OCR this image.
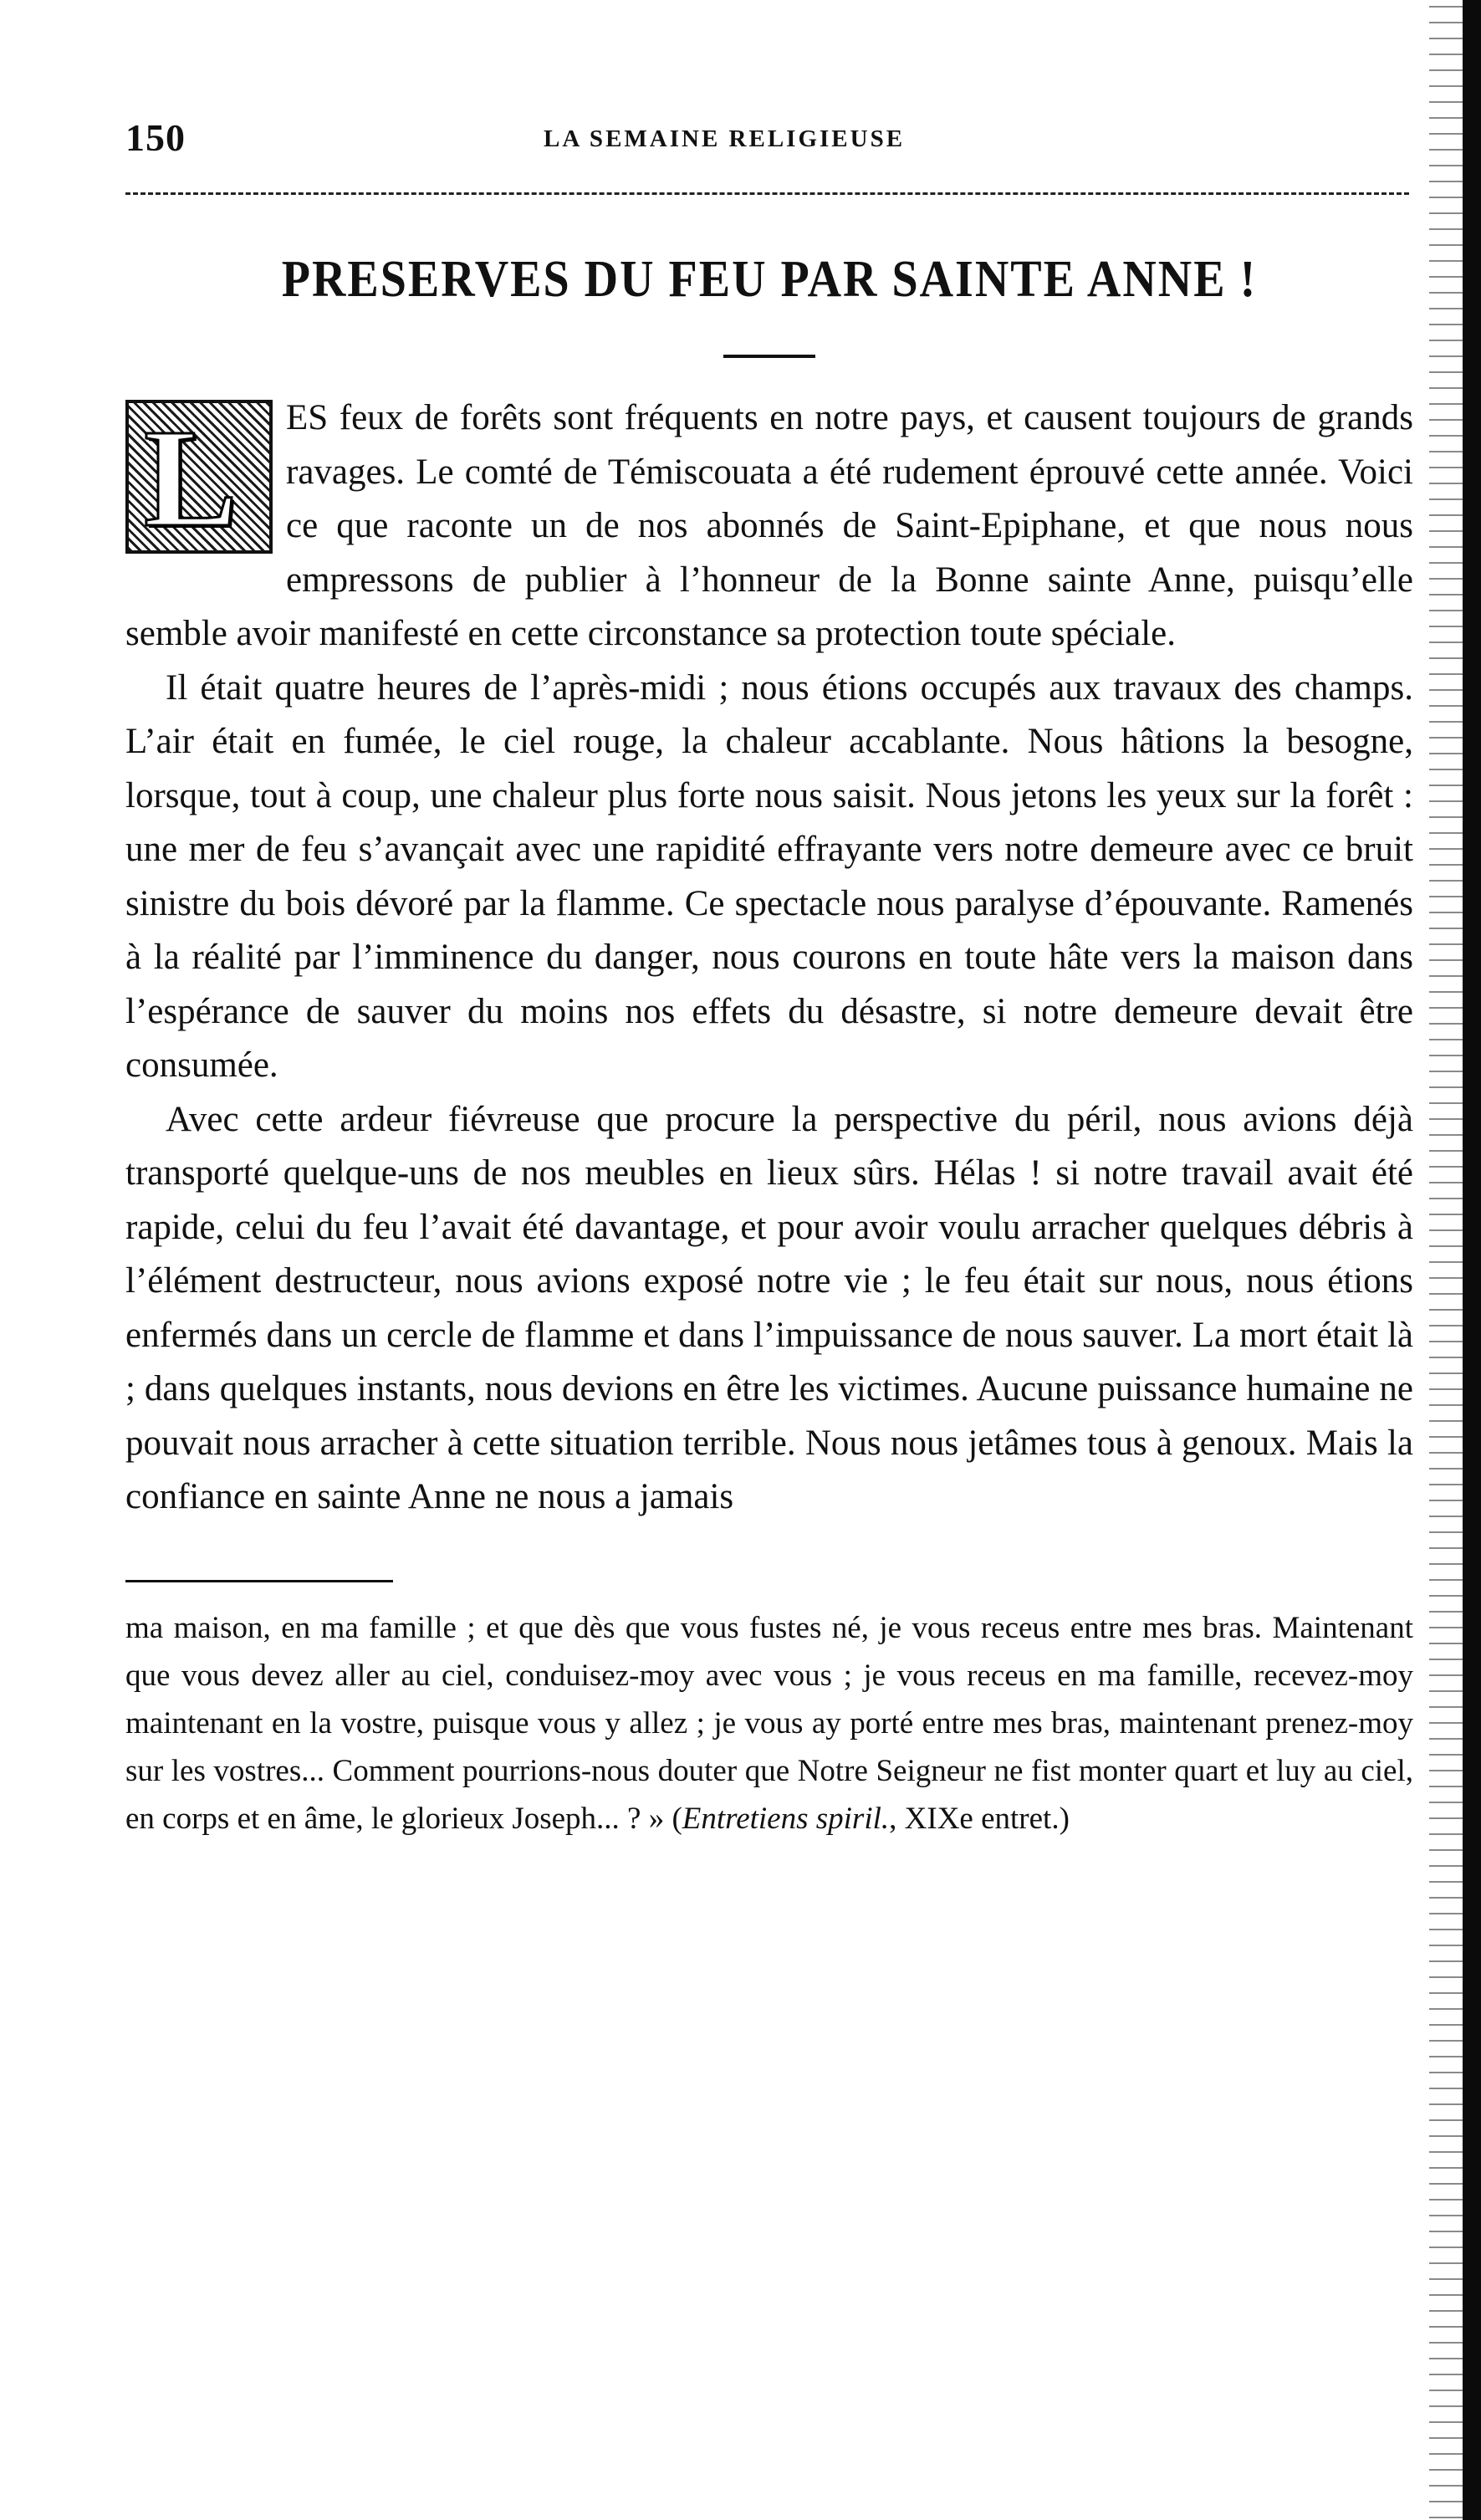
150	LA SEMAINE RELIGIEUSE
PRESERVES DU FEU PAR SAINTE ANNE !
L	ES feux de forêts sont fréquents en notre pays, et causent toujours de grands ravages. Le comté de Témiscouata a été rudement éprouvé cette année. Voici ce que raconte un de nos abonnés de Saint-Epiphane, et que nous nous empressons de publier à l’honneur de la Bonne sainte Anne, puisqu’elle semble avoir manifesté en cette circonstance sa protection toute spéciale.

Il était quatre heures de l’après-midi ; nous étions occupés aux travaux des champs. L’air était en fumée, le ciel rouge, la chaleur accablante. Nous hâtions la besogne, lorsque, tout à coup, une chaleur plus forte nous saisit. Nous jetons les yeux sur la forêt : une mer de feu s’avançait avec une rapidité effrayante vers notre demeure avec ce bruit sinistre du bois dévoré par la flamme. Ce spectacle nous paralyse d’épouvante. Ramenés à la réalité par l’imminence du danger, nous courons en toute hâte vers la maison dans l’espérance de sauver du moins nos effets du désastre, si notre demeure devait être consumée.

Avec cette ardeur fiévreuse que procure la perspective du péril, nous avions déjà transporté quelque-uns de nos meubles en lieux sûrs. Hélas ! si notre travail avait été rapide, celui du feu l’avait été davantage, et pour avoir voulu arracher quelques débris à l’élément destructeur, nous avions exposé notre vie ; le feu était sur nous, nous étions enfermés dans un cercle de flamme et dans l’impuissance de nous sauver. La mort était là ; dans quelques instants, nous devions en être les victimes. Aucune puissance humaine ne pouvait nous arracher à cette situation terrible. Nous nous jetâmes tous à genoux. Mais la confiance en sainte Anne ne nous a jamais

ma maison, en ma famille ; et que dès que vous fustes né, je vous receus entre mes bras. Maintenant que vous devez aller au ciel, conduisez-moy avec vous ; je vous receus en ma famille, recevez-moy maintenant en la vostre, puisque vous y allez ; je vous ay porté entre mes bras, maintenant prenez-moy sur les vostres... Comment pourrions-nous douter que Notre Seigneur ne fist monter quart et luy au ciel, en corps et en âme, le glorieux Joseph... ? » (Entretiens spiril., XIXe entret.)
